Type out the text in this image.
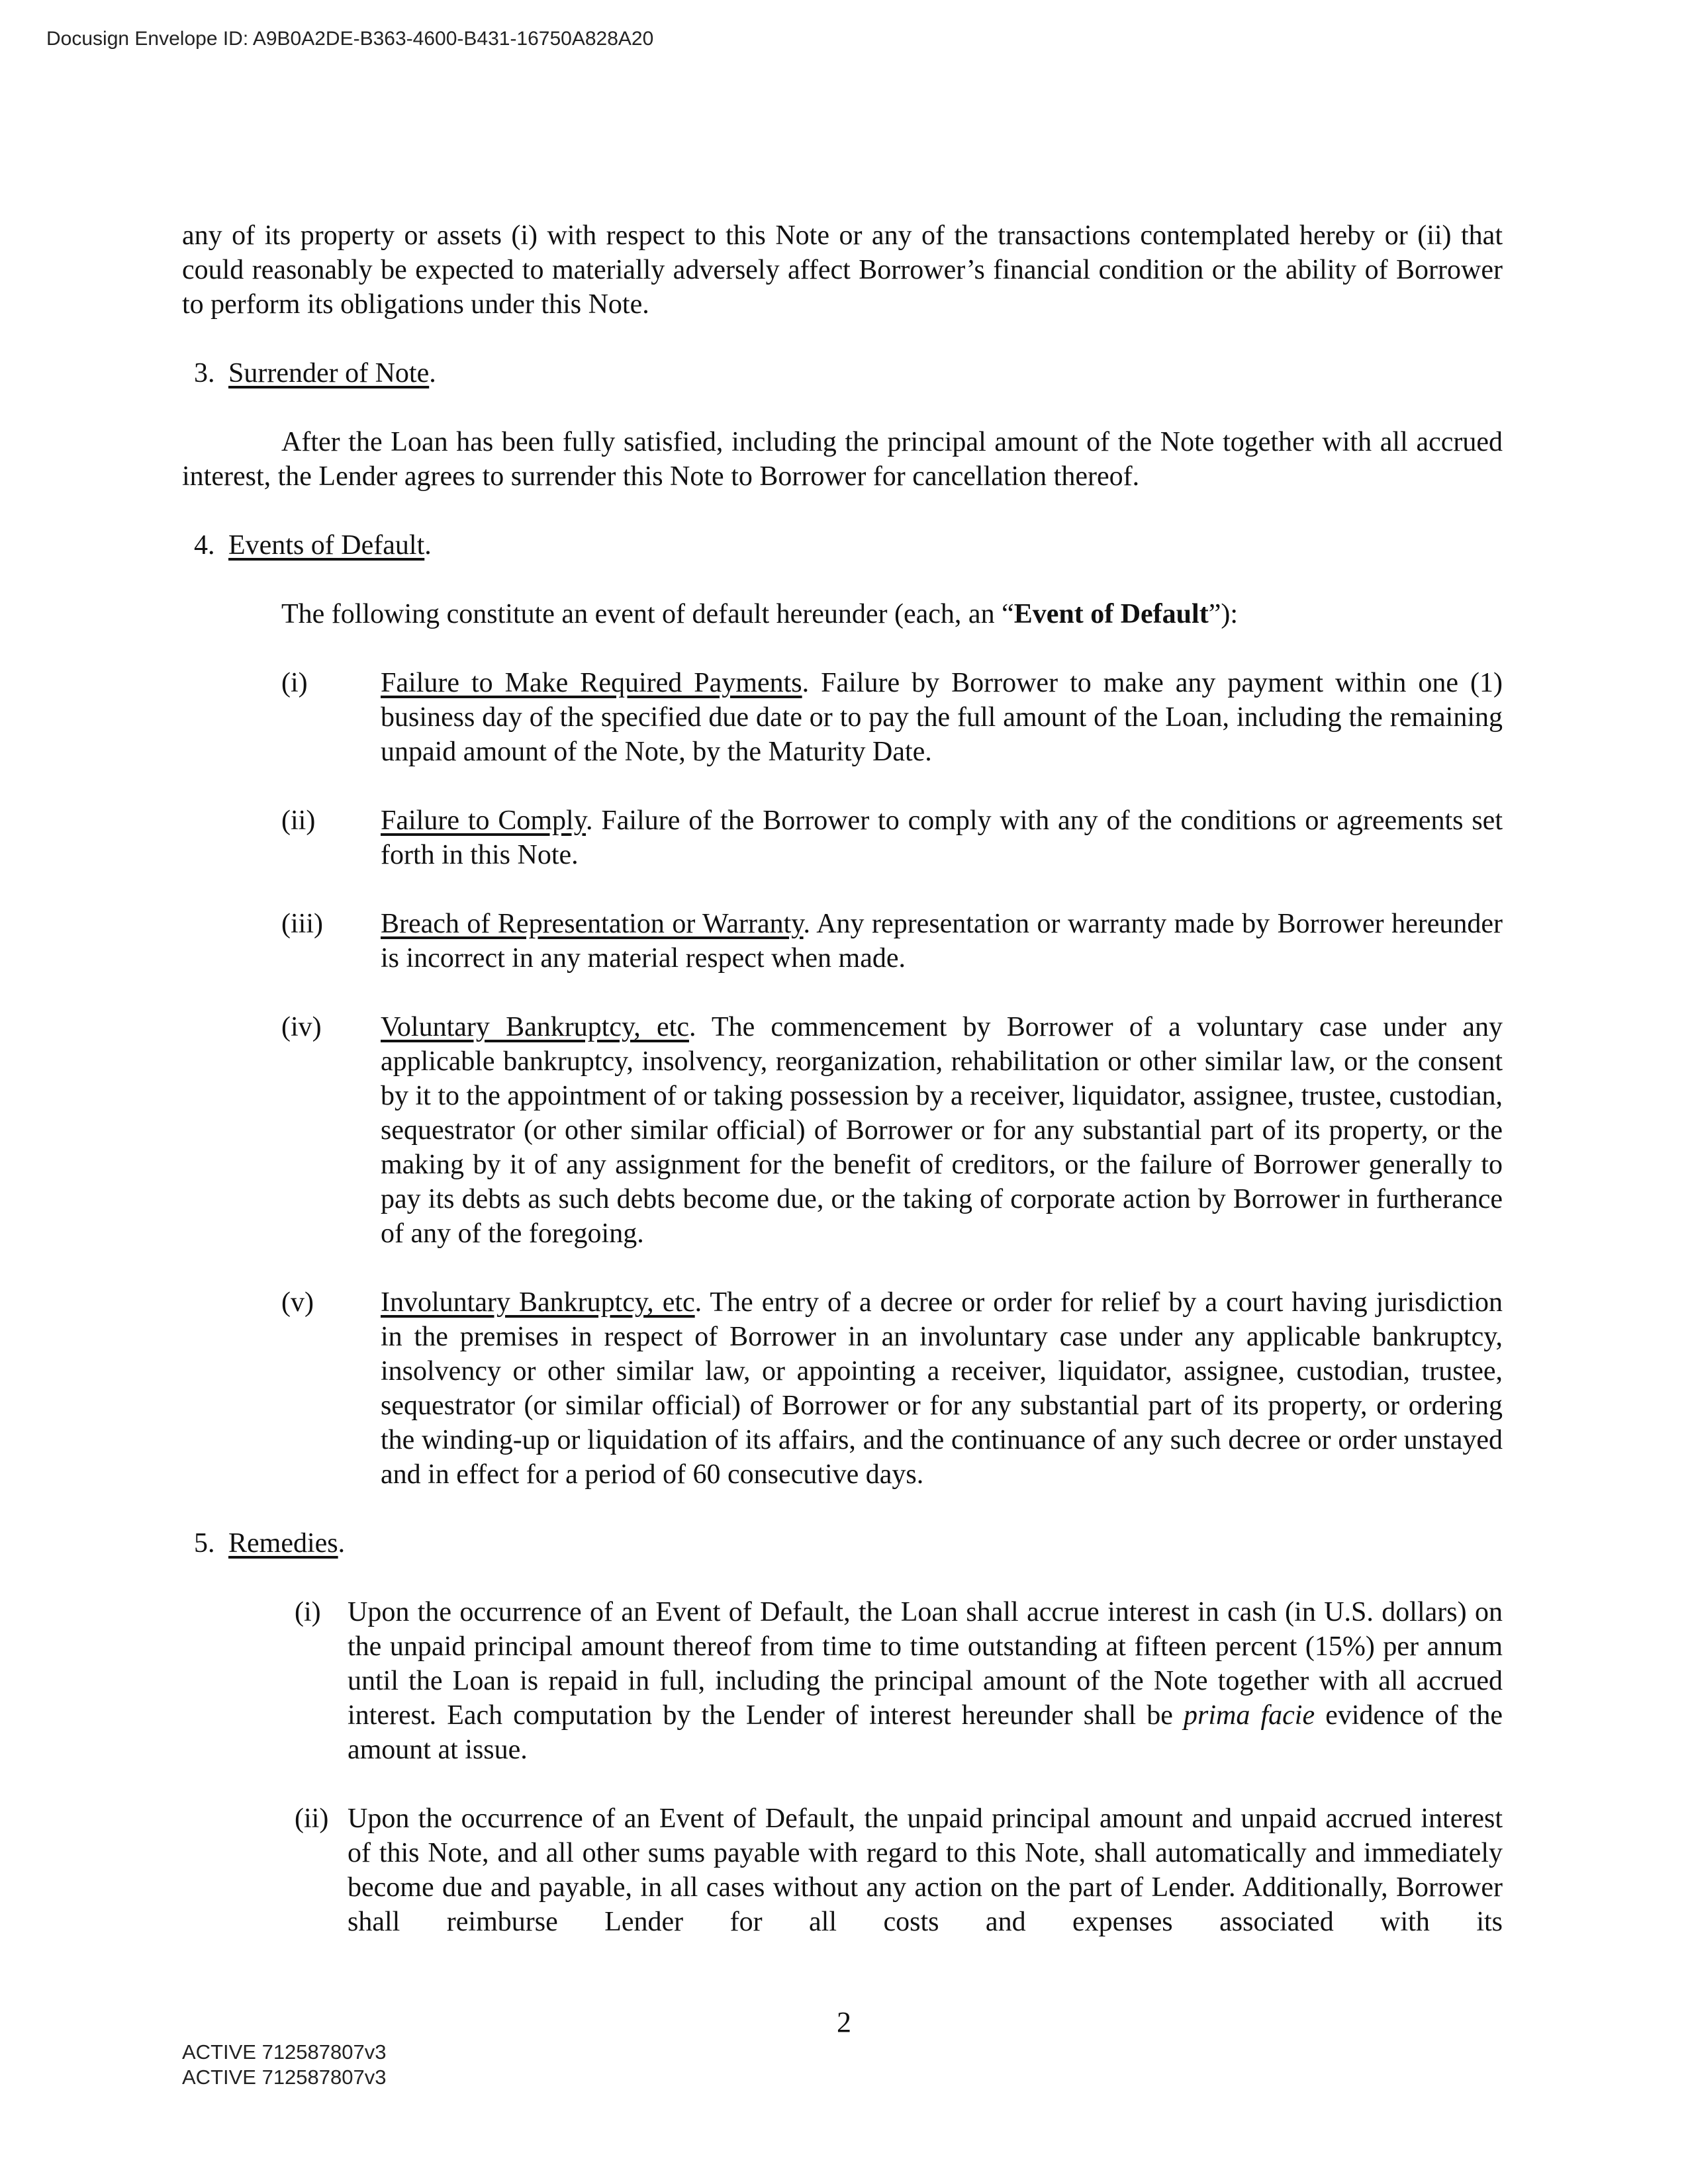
Docusign Envelope ID: A9B0A2DE-B363-4600-B431-16750A828A20

any of its property or assets (i) with respect to this Note or any of the transactions contemplated hereby or (ii) that could reasonably be expected to materially adversely affect Borrower’s financial condition or the ability of Borrower to perform its obligations under this Note.

3. Surrender of Note.

After the Loan has been fully satisfied, including the principal amount of the Note together with all accrued interest, the Lender agrees to surrender this Note to Borrower for cancellation thereof.

4. Events of Default.

The following constitute an event of default hereunder (each, an “Event of Default”):

(i)	Failure to Make Required Payments. Failure by Borrower to make any payment within one (1) business day of the specified due date or to pay the full amount of the Loan, including the remaining unpaid amount of the Note, by the Maturity Date.

(ii)	Failure to Comply. Failure of the Borrower to comply with any of the conditions or agreements set forth in this Note.

(iii)	Breach of Representation or Warranty. Any representation or warranty made by Borrower hereunder is incorrect in any material respect when made.

(iv)	Voluntary Bankruptcy, etc. The commencement by Borrower of a voluntary case under any applicable bankruptcy, insolvency, reorganization, rehabilitation or other similar law, or the consent by it to the appointment of or taking possession by a receiver, liquidator, assignee, trustee, custodian, sequestrator (or other similar official) of Borrower or for any substantial part of its property, or the making by it of any assignment for the benefit of creditors, or the failure of Borrower generally to pay its debts as such debts become due, or the taking of corporate action by Borrower in furtherance of any of the foregoing.

(v)	Involuntary Bankruptcy, etc. The entry of a decree or order for relief by a court having jurisdiction in the premises in respect of Borrower in an involuntary case under any applicable bankruptcy, insolvency or other similar law, or appointing a receiver, liquidator, assignee, custodian, trustee, sequestrator (or similar official) of Borrower or for any substantial part of its property, or ordering the winding-up or liquidation of its affairs, and the continuance of any such decree or order unstayed and in effect for a period of 60 consecutive days.

5. Remedies.

(i) Upon the occurrence of an Event of Default, the Loan shall accrue interest in cash (in U.S. dollars) on the unpaid principal amount thereof from time to time outstanding at fifteen percent (15%) per annum until the Loan is repaid in full, including the principal amount of the Note together with all accrued interest. Each computation by the Lender of interest hereunder shall be prima facie evidence of the amount at issue.

(ii) Upon the occurrence of an Event of Default, the unpaid principal amount and unpaid accrued interest of this Note, and all other sums payable with regard to this Note, shall automatically and immediately become due and payable, in all cases without any action on the part of Lender. Additionally, Borrower shall reimburse Lender for all costs and expenses associated with its

2
ACTIVE 712587807v3
ACTIVE 712587807v3
